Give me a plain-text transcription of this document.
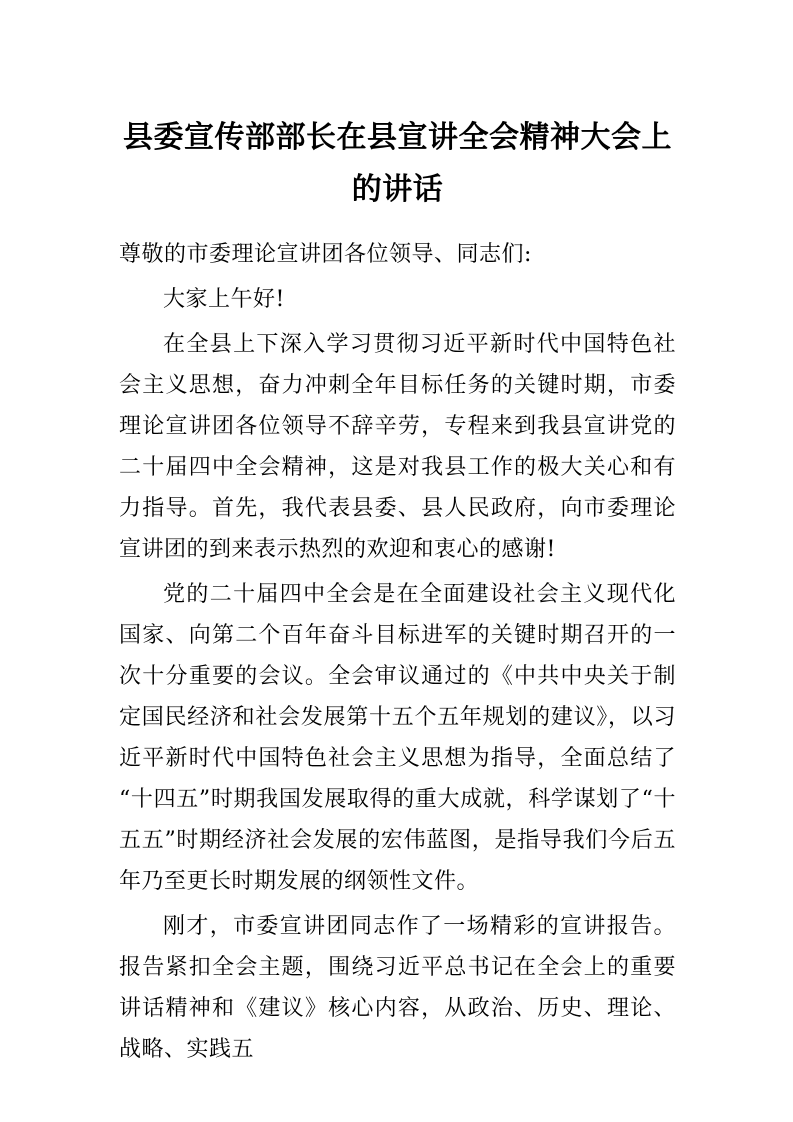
县委宣传部部长在县宣讲全会精神大会上的讲话

尊敬的市委理论宣讲团各位领导、同志们:

大家上午好!

在全县上下深入学习贯彻习近平新时代中国特色社会主义思想，奋力冲刺全年目标任务的关键时期，市委理论宣讲团各位领导不辞辛劳，专程来到我县宣讲党的二十届四中全会精神，这是对我县工作的极大关心和有力指导。首先，我代表县委、县人民政府，向市委理论宣讲团的到来表示热烈的欢迎和衷心的感谢!

党的二十届四中全会是在全面建设社会主义现代化国家、向第二个百年奋斗目标进军的关键时期召开的一次十分重要的会议。全会审议通过的《中共中央关于制定国民经济和社会发展第十五个五年规划的建议》，以习近平新时代中国特色社会主义思想为指导，全面总结了“十四五”时期我国发展取得的重大成就，科学谋划了“十五五”时期经济社会发展的宏伟蓝图，是指导我们今后五年乃至更长时期发展的纲领性文件。

刚才，市委宣讲团同志作了一场精彩的宣讲报告。报告紧扣全会主题，围绕习近平总书记在全会上的重要讲话精神和《建议》核心内容，从政治、历史、理论、战略、实践五
